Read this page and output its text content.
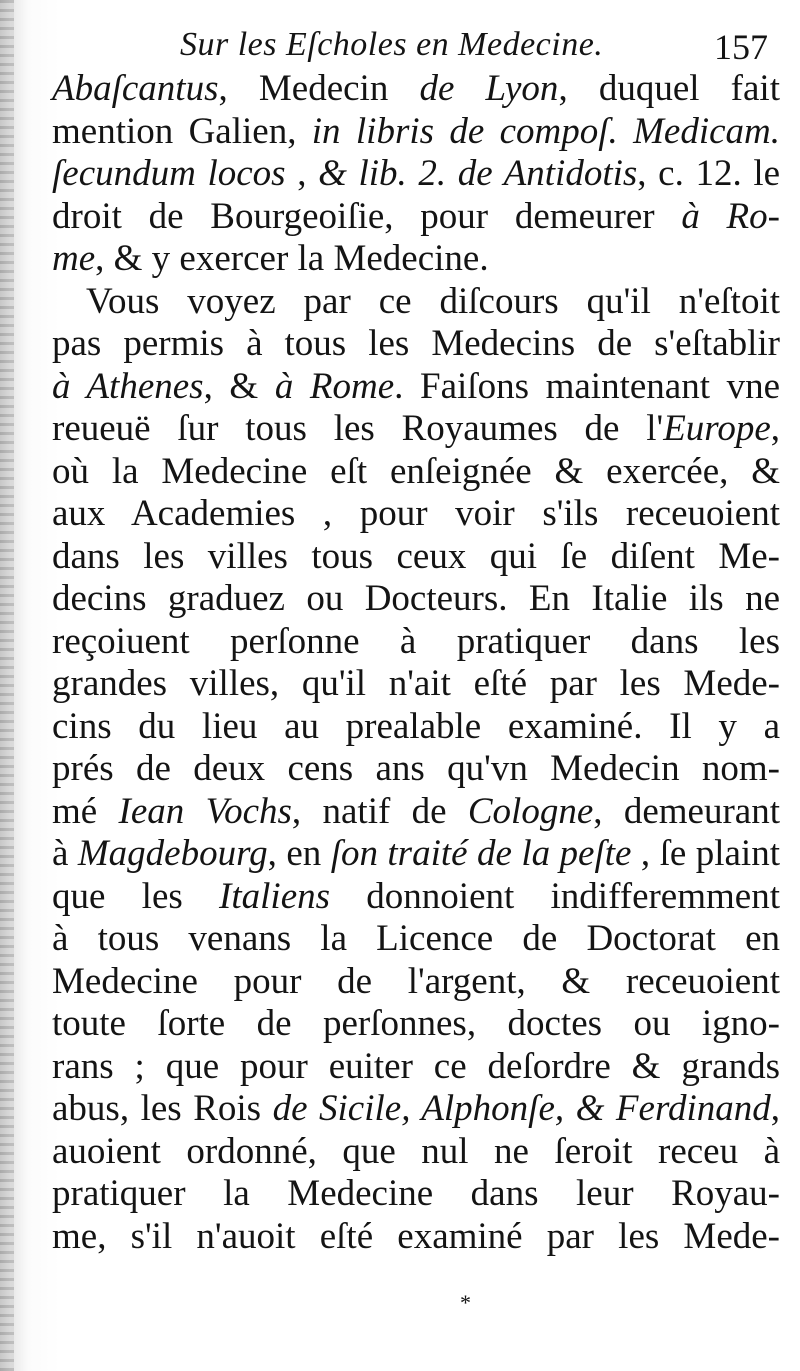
Sur les Eſcholes en Medecine.	157
Abaſcantus, Medecin de Lyon, duquel fait
mention Galien, in libris de compoſ. Medicam.
ſecundum locos , & lib. 2. de Antidotis, c. 12. le
droit de Bourgeoiſie, pour demeurer à Ro-
me, & y exercer la Medecine.
Vous voyez par ce diſcours qu'il n'eſtoit
pas permis à tous les Medecins de s'eſtablir
à Athenes, & à Rome. Faiſons maintenant vne
reueuë ſur tous les Royaumes de l'Europe,
où la Medecine eſt enſeignée & exercée, &
aux Academies , pour voir s'ils receuoient
dans les villes tous ceux qui ſe diſent Me-
decins graduez ou Docteurs. En Italie ils ne
reçoiuent perſonne à pratiquer dans les
grandes villes, qu'il n'ait eſté par les Mede-
cins du lieu au prealable examiné. Il y a
prés de deux cens ans qu'vn Medecin nom-
mé Iean Vochs, natif de Cologne, demeurant
à Magdebourg, en ſon traité de la peſte , ſe plaint
que les Italiens donnoient indifferemment
à tous venans la Licence de Doctorat en
Medecine pour de l'argent, & receuoient
toute ſorte de perſonnes, doctes ou igno-
rans ; que pour euiter ce deſordre & grands
abus, les Rois de Sicile, Alphonſe, & Ferdinand,
auoient ordonné, que nul ne ſeroit receu à
pratiquer la Medecine dans leur Royau-
me, s'il n'auoit eſté examiné par les Mede-
*
